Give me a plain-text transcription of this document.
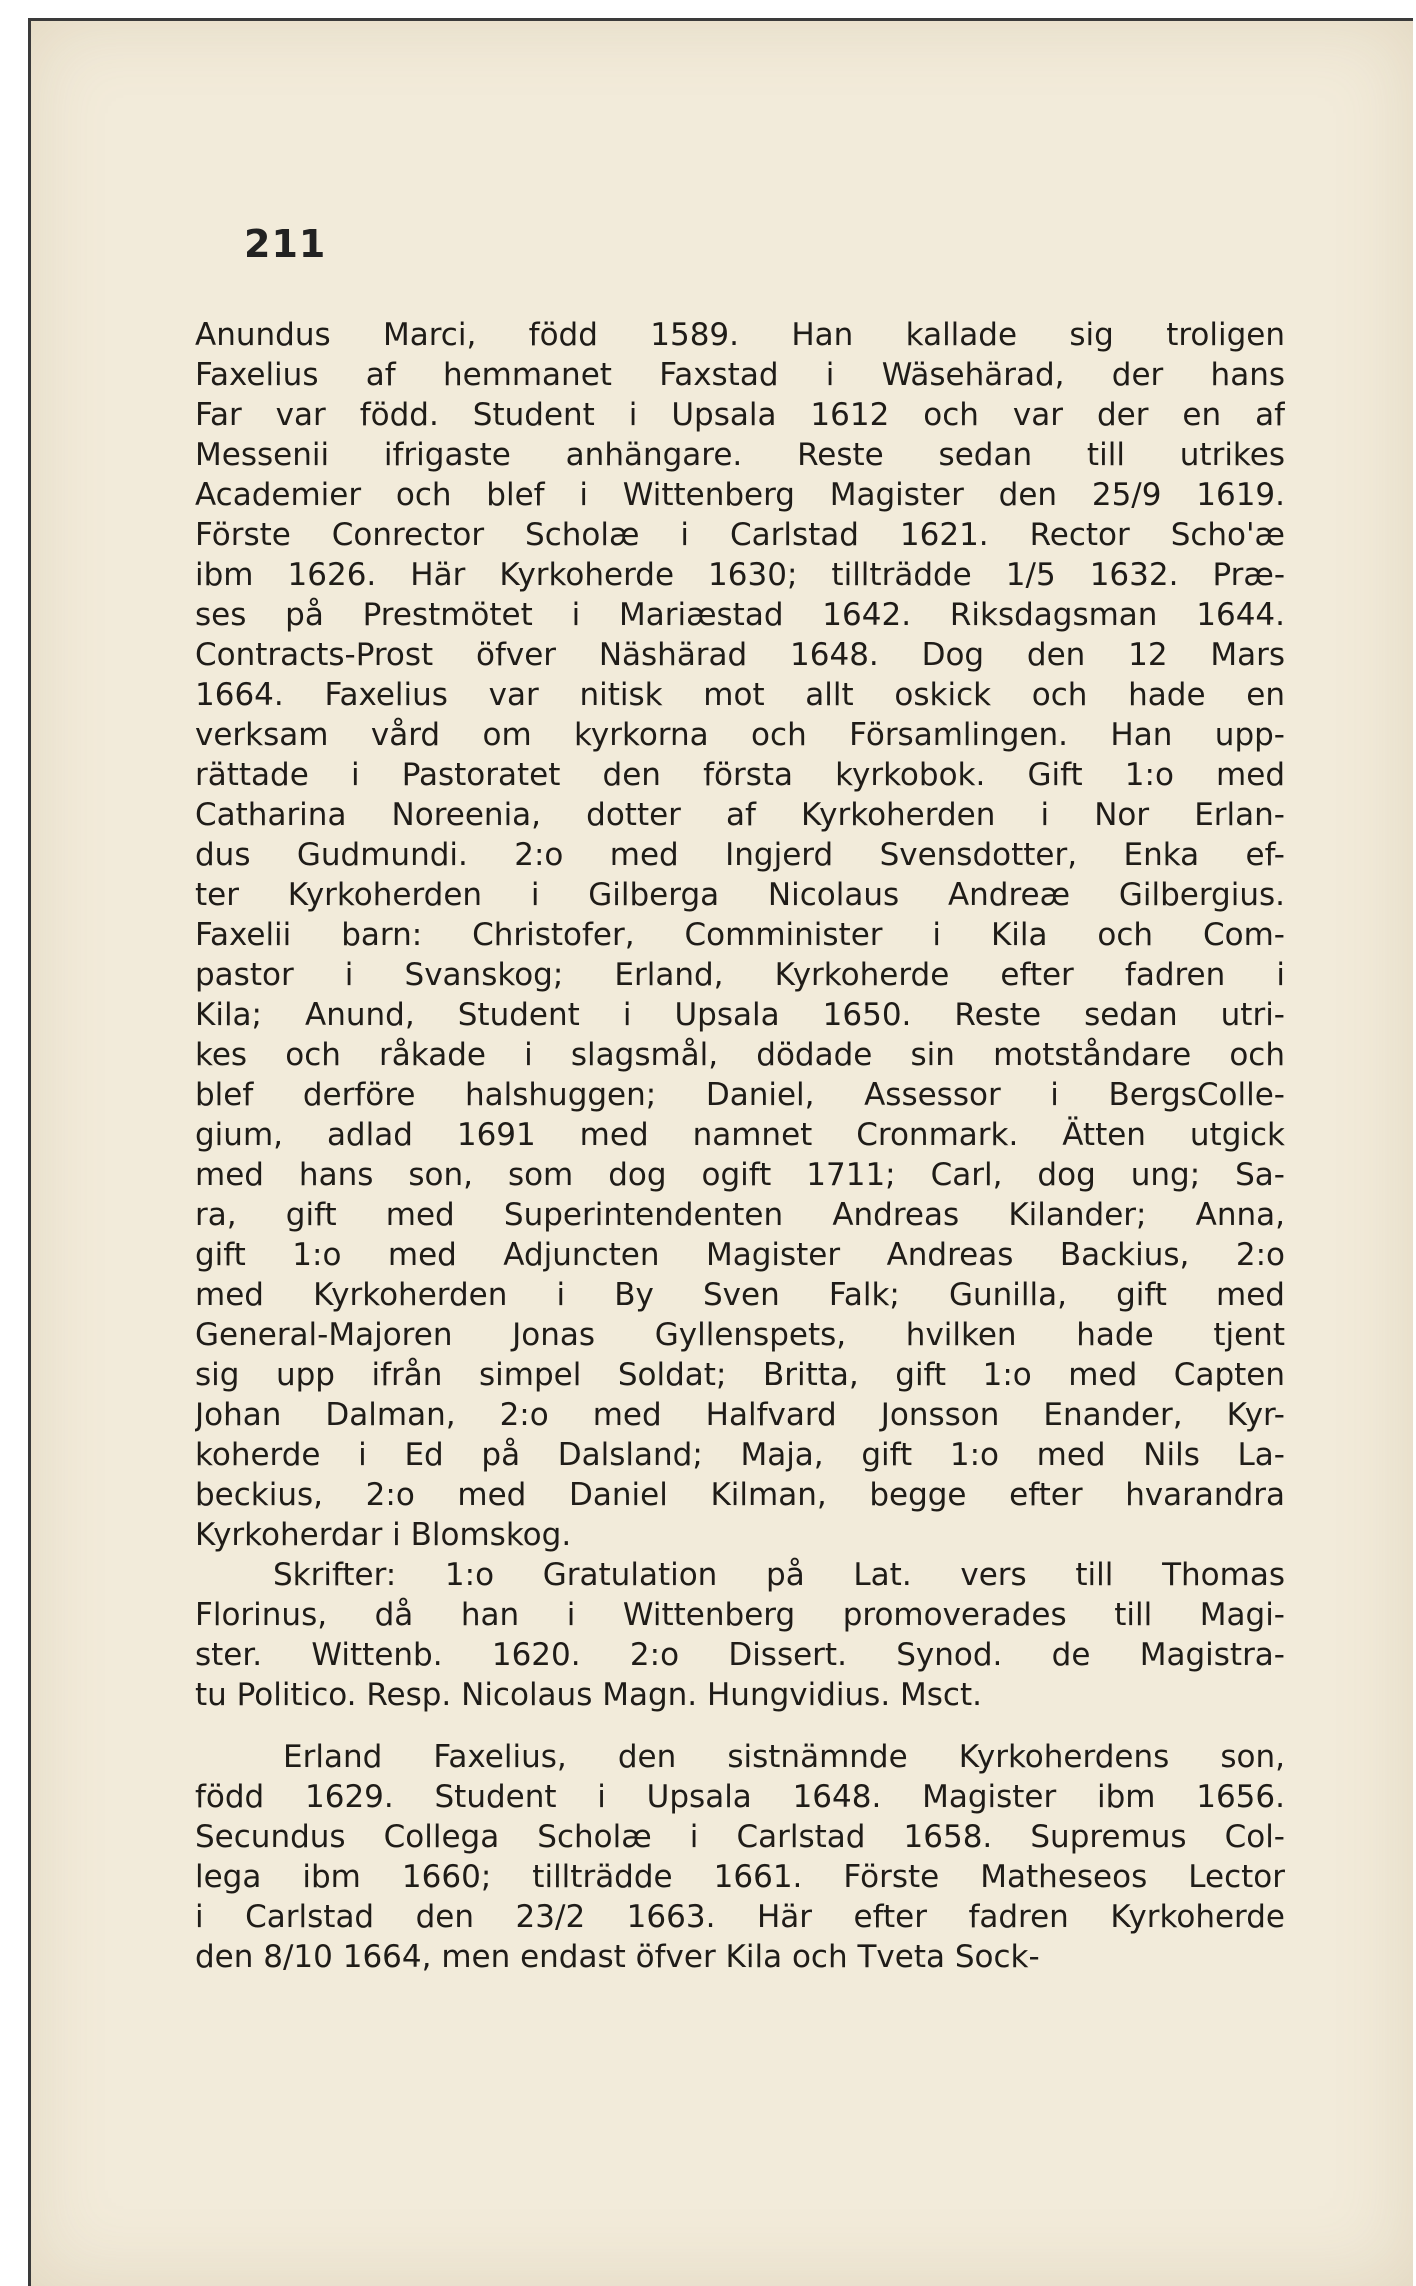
211
Anundus Marci, född 1589. Han kallade sig troligen
Faxelius af hemmanet Faxstad i Wäsehärad, der hans
Far var född. Student i Upsala 1612 och var der en af
Messenii ifrigaste anhängare. Reste sedan till utrikes
Academier och blef i Wittenberg Magister den 25/9 1619.
Förste Conrector Scholæ i Carlstad 1621. Rector Scho'æ
ibm 1626. Här Kyrkoherde 1630; tillträdde 1/5 1632. Præ-
ses på Prestmötet i Mariæstad 1642. Riksdagsman 1644.
Contracts-Prost öfver Näshärad 1648. Dog den 12 Mars
1664. Faxelius var nitisk mot allt oskick och hade en
verksam vård om kyrkorna och Församlingen. Han upp-
rättade i Pastoratet den första kyrkobok. Gift 1:o med
Catharina Noreenia, dotter af Kyrkoherden i Nor Erlan-
dus Gudmundi. 2:o med Ingjerd Svensdotter, Enka ef-
ter Kyrkoherden i Gilberga Nicolaus Andreæ Gilbergius.
Faxelii barn: Christofer, Comminister i Kila och Com-
pastor i Svanskog; Erland, Kyrkoherde efter fadren i
Kila; Anund, Student i Upsala 1650. Reste sedan utri-
kes och råkade i slagsmål, dödade sin motståndare och
blef derföre halshuggen; Daniel, Assessor i BergsColle-
gium, adlad 1691 med namnet Cronmark. Ätten utgick
med hans son, som dog ogift 1711; Carl, dog ung; Sa-
ra, gift med Superintendenten Andreas Kilander; Anna,
gift 1:o med Adjuncten Magister Andreas Backius, 2:o
med Kyrkoherden i By Sven Falk; Gunilla, gift med
General-Majoren Jonas Gyllenspets, hvilken hade tjent
sig upp ifrån simpel Soldat; Britta, gift 1:o med Capten
Johan Dalman, 2:o med Halfvard Jonsson Enander, Kyr-
koherde i Ed på Dalsland; Maja, gift 1:o med Nils La-
beckius, 2:o med Daniel Kilman, begge efter hvarandra
Kyrkoherdar i Blomskog.
Skrifter: 1:o Gratulation på Lat. vers till Thomas
Florinus, då han i Wittenberg promoverades till Magi-
ster. Wittenb. 1620. 2:o Dissert. Synod. de Magistra-
tu Politico. Resp. Nicolaus Magn. Hungvidius. Msct.
Erland Faxelius, den sistnämnde Kyrkoherdens son,
född 1629. Student i Upsala 1648. Magister ibm 1656.
Secundus Collega Scholæ i Carlstad 1658. Supremus Col-
lega ibm 1660; tillträdde 1661. Förste Matheseos Lector
i Carlstad den 23/2 1663. Här efter fadren Kyrkoherde
den 8/10 1664, men endast öfver Kila och Tveta Sock-
